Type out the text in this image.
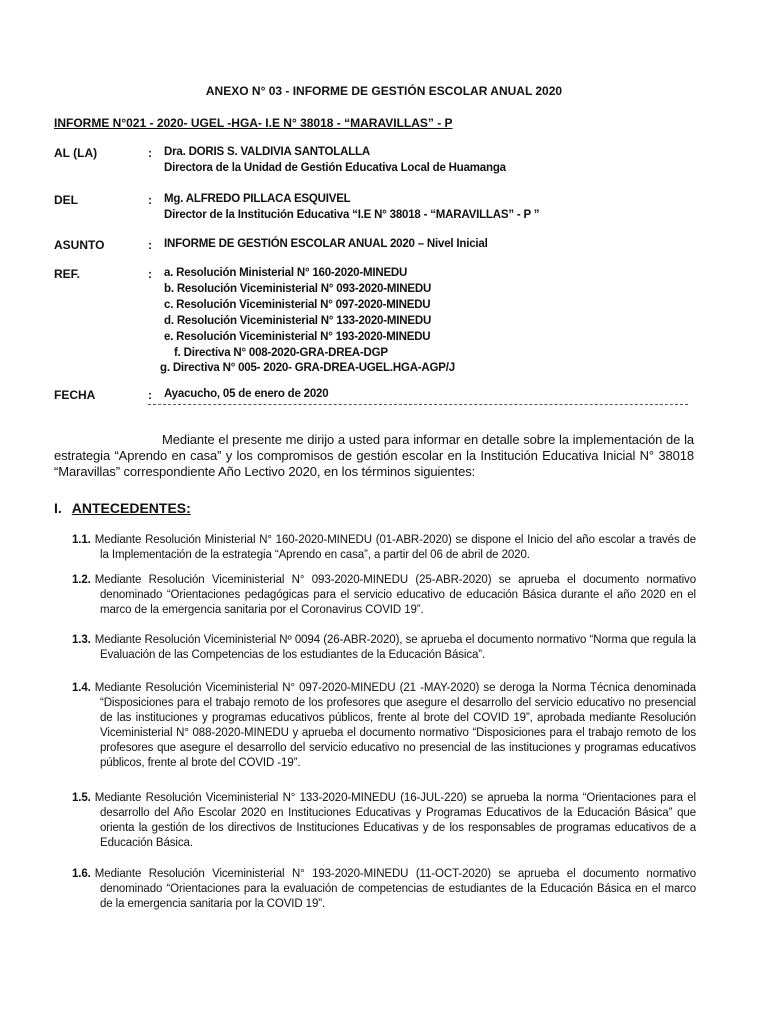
ANEXO N° 03 - INFORME DE GESTIÓN ESCOLAR ANUAL 2020
INFORME N°021 - 2020- UGEL -HGA- I.E N° 38018 - “MARAVILLAS” - P
AL (LA)	: Dra. DORIS S. VALDIVIA SANTOLALLA
Directora de la Unidad de Gestión Educativa Local de Huamanga
DEL	: Mg. ALFREDO PILLACA ESQUIVEL
Director de la Institución Educativa “I.E N° 38018 - “MARAVILLAS” - P ”
ASUNTO	: INFORME DE GESTIÓN ESCOLAR ANUAL 2020 – Nivel Inicial
REF.	: a. Resolución Ministerial N° 160-2020-MINEDU
b. Resolución Viceministerial N° 093-2020-MINEDU
c. Resolución Viceministerial N° 097-2020-MINEDU
d. Resolución Viceministerial N° 133-2020-MINEDU
e. Resolución Viceministerial N° 193-2020-MINEDU
f. Directiva N° 008-2020-GRA-DREA-DGP
g. Directiva N° 005- 2020- GRA-DREA-UGEL.HGA-AGP/J
FECHA	: Ayacucho, 05 de enero de 2020

Mediante el presente me dirijo a usted para informar en detalle sobre la implementación de la estrategia “Aprendo en casa” y los compromisos de gestión escolar en la Institución Educativa Inicial N° 38018 “Maravillas” correspondiente Año Lectivo 2020, en los términos siguientes:

I. ANTECEDENTES:

1.1. Mediante Resolución Ministerial N° 160-2020-MINEDU (01-ABR-2020) se dispone el Inicio del año escolar a través de la Implementación de la estrategia “Aprendo en casa”, a partir del 06 de abril de 2020.

1.2. Mediante Resolución Viceministerial N° 093-2020-MINEDU (25-ABR-2020) se aprueba el documento normativo denominado “Orientaciones pedagógicas para el servicio educativo de educación Básica durante el año 2020 en el marco de la emergencia sanitaria por el Coronavirus COVID 19”.

1.3. Mediante Resolución Viceministerial Nº 0094 (26-ABR-2020), se aprueba el documento normativo “Norma que regula la Evaluación de las Competencias de los estudiantes de la Educación Básica”.

1.4. Mediante Resolución Viceministerial N° 097-2020-MINEDU (21 -MAY-2020) se deroga la Norma Técnica denominada “Disposiciones para el trabajo remoto de los profesores que asegure el desarrollo del servicio educativo no presencial de las instituciones y programas educativos públicos, frente al brote del COVID 19”, aprobada mediante Resolución Viceministerial N° 088-2020-MINEDU y aprueba el documento normativo “Disposiciones para el trabajo remoto de los profesores que asegure el desarrollo del servicio educativo no presencial de las instituciones y programas educativos públicos, frente al brote del COVID -19”.

1.5. Mediante Resolución Viceministerial N° 133-2020-MINEDU (16-JUL-220) se aprueba la norma “Orientaciones para el desarrollo del Año Escolar 2020 en Instituciones Educativas y Programas Educativos de la Educación Básica” que orienta la gestión de los directivos de Instituciones Educativas y de los responsables de programas educativos de a Educación Básica.

1.6. Mediante Resolución Viceministerial N° 193-2020-MINEDU (11-OCT-2020) se aprueba el documento normativo denominado “Orientaciones para la evaluación de competencias de estudiantes de la Educación Básica en el marco de la emergencia sanitaria por la COVID 19”.
